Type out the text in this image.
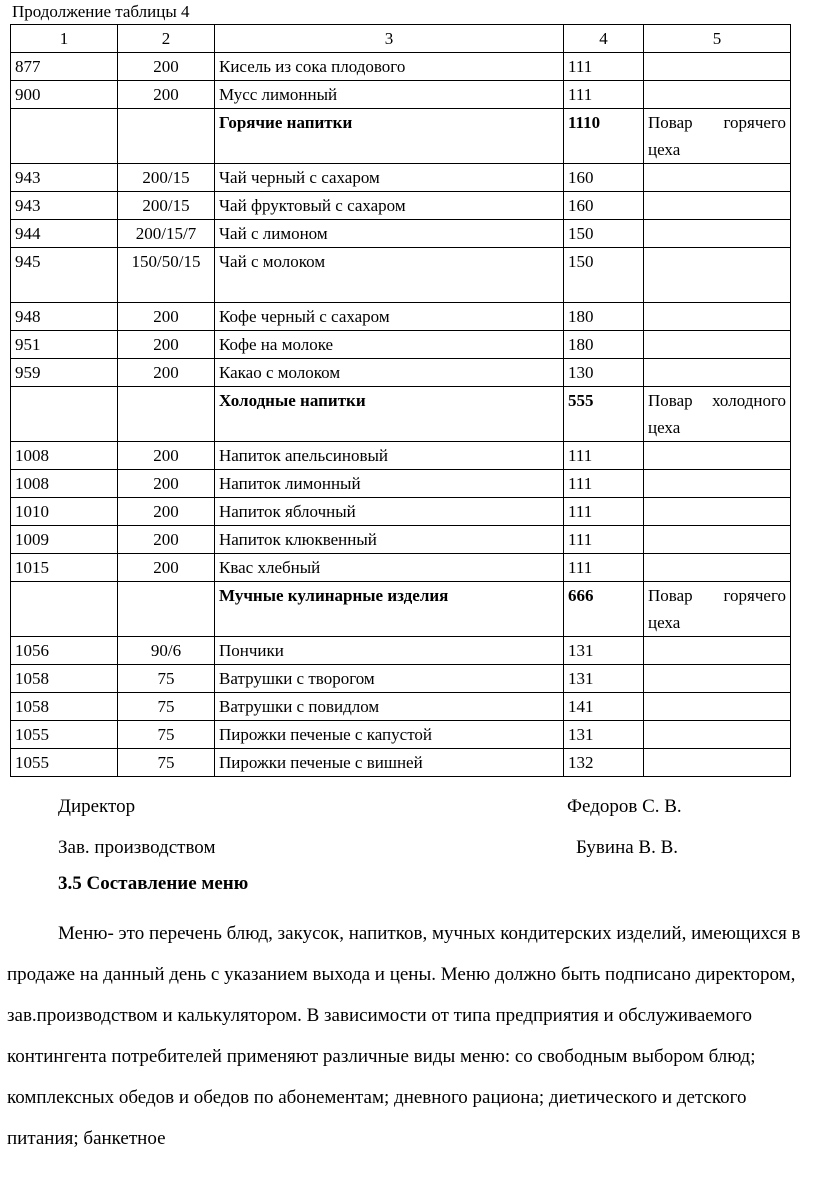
Продолжение таблицы 4
1	2	3	4	5
877	200	Кисель из сока плодового	111	
900	200	Мусс лимонный	111	
		Горячие напитки	1110	Повар горячего цеха
943	200/15	Чай черный с сахаром	160	
943	200/15	Чай фруктовый с сахаром	160	
944	200/15/7	Чай с лимоном	150	
945	150/50/15	Чай с молоком	150	
948	200	Кофе черный с сахаром	180	
951	200	Кофе на молоке	180	
959	200	Какао с молоком	130	
		Холодные напитки	555	Повар холодного цеха
1008	200	Напиток апельсиновый	111	
1008	200	Напиток лимонный	111	
1010	200	Напиток яблочный	111	
1009	200	Напиток клюквенный	111	
1015	200	Квас хлебный	111	
		Мучные кулинарные изделия	666	Повар горячего цеха
1056	90/6	Пончики	131	
1058	75	Ватрушки с творогом	131	
1058	75	Ватрушки с повидлом	141	
1055	75	Пирожки печеные с капустой	131	
1055	75	Пирожки печеные с вишней	132	
Директор	Федоров С. В.
Зав. производством	Бувина В. В.
3.5 Составление меню

Меню- это перечень блюд, закусок, напитков, мучных кондитерских изделий, имеющихся в продаже на данный день с указанием выхода и цены. Меню должно быть подписано директором, зав.производством и калькулятором. В зависимости от типа предприятия и обслуживаемого контингента потребителей применяют различные виды меню: со свободным выбором блюд; комплексных обедов и обедов по абонементам; дневного рациона; диетического и детского питания; банкетное
